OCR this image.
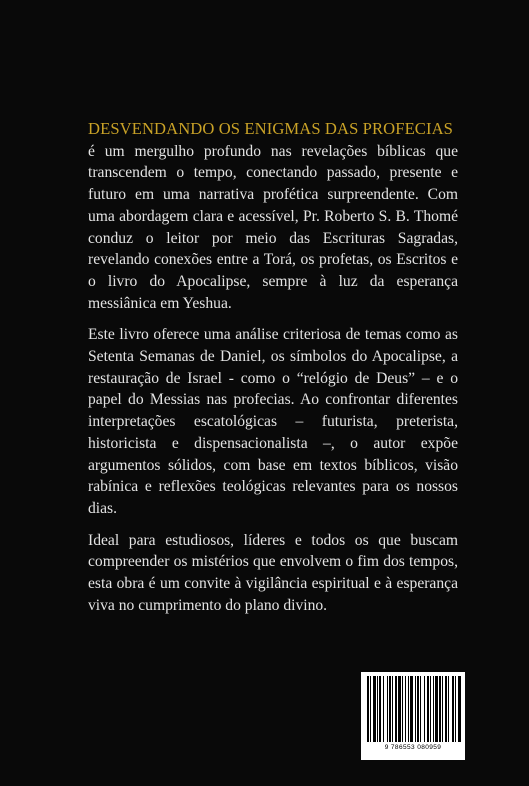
DESVENDANDO OS ENIGMAS DAS PROFECIAS
é um mergulho profundo nas revelações bíblicas que transcendem o tempo, conectando passado, presente e futuro em uma narrativa profética surpreendente. Com uma abordagem clara e acessível, Pr. Roberto S. B. Thomé conduz o leitor por meio das Escrituras Sagradas, revelando conexões entre a Torá, os profetas, os Escritos e o livro do Apocalipse, sempre à luz da esperança messiânica em Yeshua.

Este livro oferece uma análise criteriosa de temas como as Setenta Semanas de Daniel, os símbolos do Apocalipse, a restauração de Israel - como o “relógio de Deus” – e o papel do Messias nas profecias. Ao confrontar diferentes interpretações escatológicas – futurista, preterista, historicista e dispensacionalista –, o autor expõe argumentos sólidos, com base em textos bíblicos, visão rabínica e reflexões teológicas relevantes para os nossos dias.

Ideal para estudiosos, líderes e todos os que buscam compreender os mistérios que envolvem o fim dos tempos, esta obra é um convite à vigilância espiritual e à esperança viva no cumprimento do plano divino.

9 786553 080959
